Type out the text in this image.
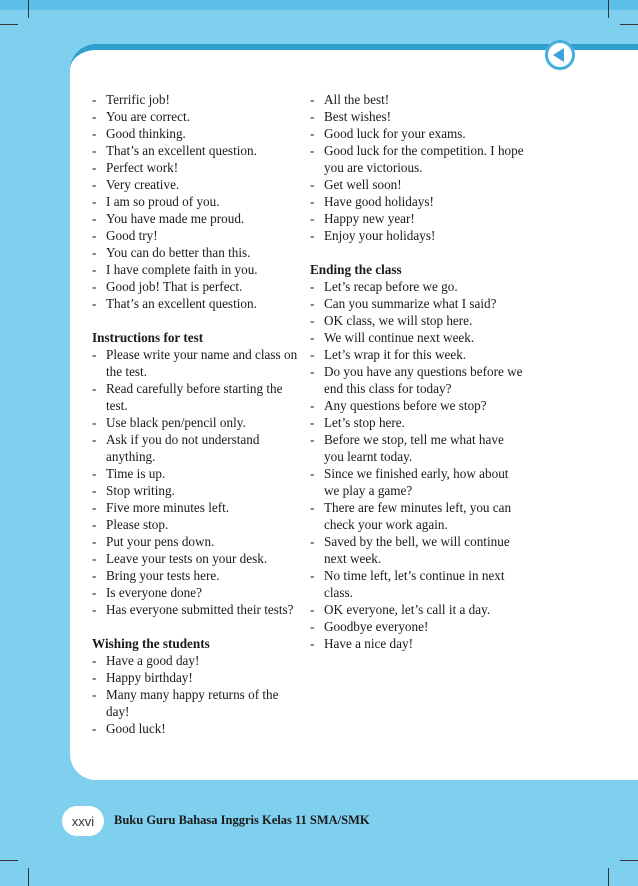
- Terrific job!
- You are correct.
- Good thinking.
- That’s an excellent question.
- Perfect work!
- Very creative.
- I am so proud of you.
- You have made me proud.
- Good try!
- You can do better than this.
- I have complete faith in you.
- Good job! That is perfect.
- That’s an excellent question.
Instructions for test
- Please write your name and class on the test.
- Read carefully before starting the test.
- Use black pen/pencil only.
- Ask if you do not understand anything.
- Time is up.
- Stop writing.
- Five more minutes left.
- Please stop.
- Put your pens down.
- Leave your tests on your desk.
- Bring your tests here.
- Is everyone done?
- Has everyone submitted their tests?
Wishing the students
- Have a good day!
- Happy birthday!
- Many many happy returns of the day!
- Good luck!
- All the best!
- Best wishes!
- Good luck for your exams.
- Good luck for the competition. I hope you are victorious.
- Get well soon!
- Have good holidays!
- Happy new year!
- Enjoy your holidays!
Ending the class
- Let’s recap before we go.
- Can you summarize what I said?
- OK class, we will stop here.
- We will continue next week.
- Let’s wrap it for this week.
- Do you have any questions before we end this class for today?
- Any questions before we stop?
- Let’s stop here.
- Before we stop, tell me what have you learnt today.
- Since we finished early, how about we play a game?
- There are few minutes left, you can check your work again.
- Saved by the bell, we will continue next week.
- No time left, let’s continue in next class.
- OK everyone, let’s call it a day.
- Goodbye everyone!
- Have a nice day!
xxvi	Buku Guru Bahasa Inggris Kelas 11 SMA/SMK
